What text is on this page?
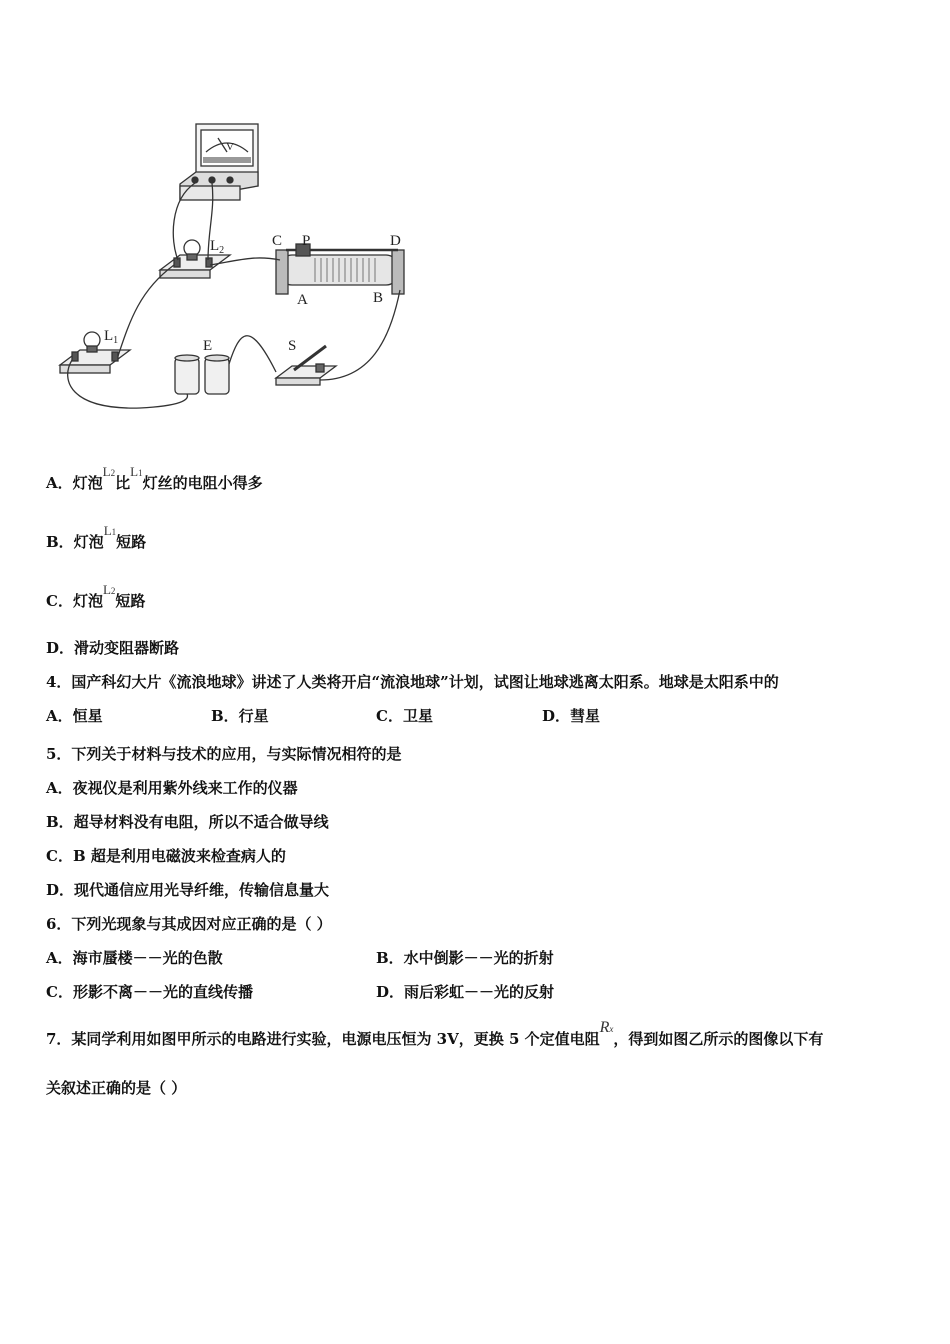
V
C P	D
A	B
E	S
$L_1$
$L_2$
A．灯泡L2比L1灯丝的电阻小得多
B．灯泡L1短路
C．灯泡L2短路
D．滑动变阻器断路
4．国产科幻大片《流浪地球》讲述了人类将开启“流浪地球”计划，试图让地球逃离太阳系。地球是太阳系中的
A．恒星	B．行星	C．卫星	D．彗星
5．下列关于材料与技术的应用，与实际情况相符的是
A．夜视仪是利用紫外线来工作的仪器
B．超导材料没有电阻，所以不适合做导线
C．B 超是利用电磁波来检查病人的
D．现代通信应用光导纤维，传输信息量大
6．下列光现象与其成因对应正确的是（ ）
A．海市蜃楼－－光的色散	B．水中倒影－－光的折射
C．形影不离－－光的直线传播	D．雨后彩虹－－光的反射
7．某同学利用如图甲所示的电路进行实验，电源电压恒为 3V，更换 5 个定值电阻Rx，得到如图乙所示的图像以下有
关叙述正确的是（ ）
